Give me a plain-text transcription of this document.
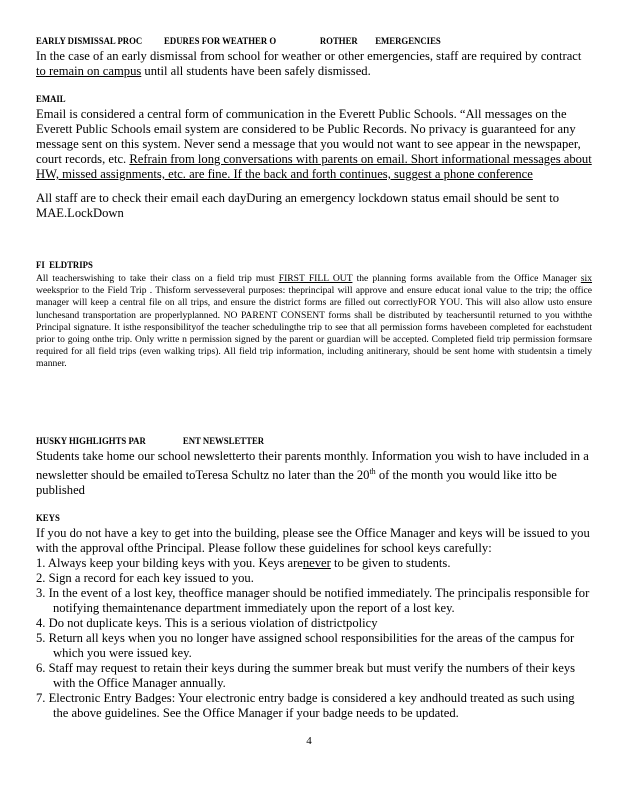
EARLY DISMISSAL PROC          EDURES FOR WEATHER O                    ROTHER        EMERGENCIES
In the case of an early dismissal from school for weather or other emergencies, staff are required by contract to remain on campus until all students have been safely dismissed.
EMAIL
Email is considered a central form of communication in the Everett Public Schools. “All messages on the Everett Public Schools email system are considered to be Public Records. No privacy is guaranteed for any message sent on this system. Never send a message that you would not want to see appear in the newspaper, court records, etc. Refrain from long conversations with parents on email. Short informational messages about HW, missed assignments, etc. are fine. If the back and forth continues, suggest a phone conference
All staff are to check their email each dayDuring an emergency lockdown status email should be sent to MAE.LockDown
FI  ELDTRIPS
All teacherswishing to take their class on a field trip must FIRST FILL OUT the planning forms available from the Office Manager six weeksprior to the Field Trip . Thisform servesseveral purposes: theprincipal will approve and ensure educat ional value to the trip; the office manager will keep a central file on all trips, and ensure the district forms are filled out correctlyFOR YOU. This will also allow usto ensure lunchesand transportation are properlyplanned. NO PARENT CONSENT forms shall be distributed by teachersuntil returned to you withthe Principal signature. It isthe responsibilityof the teacher schedulingthe trip to see that all permission forms havebeen completed for eachstudent prior to going onthe trip. Only writte n permission signed by the parent or guardian will be accepted. Completed field trip permission formsare required for all field trips (even walking trips). All field trip information, including anitinerary, should be sent home with studentsin a timely manner.
HUSKY HIGHLIGHTS PAR                 ENT NEWSLETTER
Students take home our school newsletterto their parents monthly. Information you wish to have included in a newsletter should be emailed toTeresa Schultz no later than the 20th of the month you would like itto be published
KEYS
If you do not have a key to get into the building, please see the Office Manager and keys will be issued to you with the approval ofthe Principal. Please follow these guidelines for school keys carefully:
1. Always keep your bilding keys with you. Keys arenever to be given to students.
2. Sign a record for each key issued to you.
3. In the event of a lost key, theoffice manager should be notified immediately. The principalis responsible for notifying themaintenance department immediately upon the report of a lost key.
4. Do not duplicate keys. This is a serious violation of districtpolicy
5. Return all keys when you no longer have assigned school responsibilities for the areas of the campus for which you were issued key.
6. Staff may request to retain their keys during the summer break but must verify the numbers of their keys with the Office Manager annually.
7. Electronic Entry Badges: Your electronic entry badge is considered a key andhould treated as such using the above guidelines. See the Office Manager if your badge needs to be updated.
4
